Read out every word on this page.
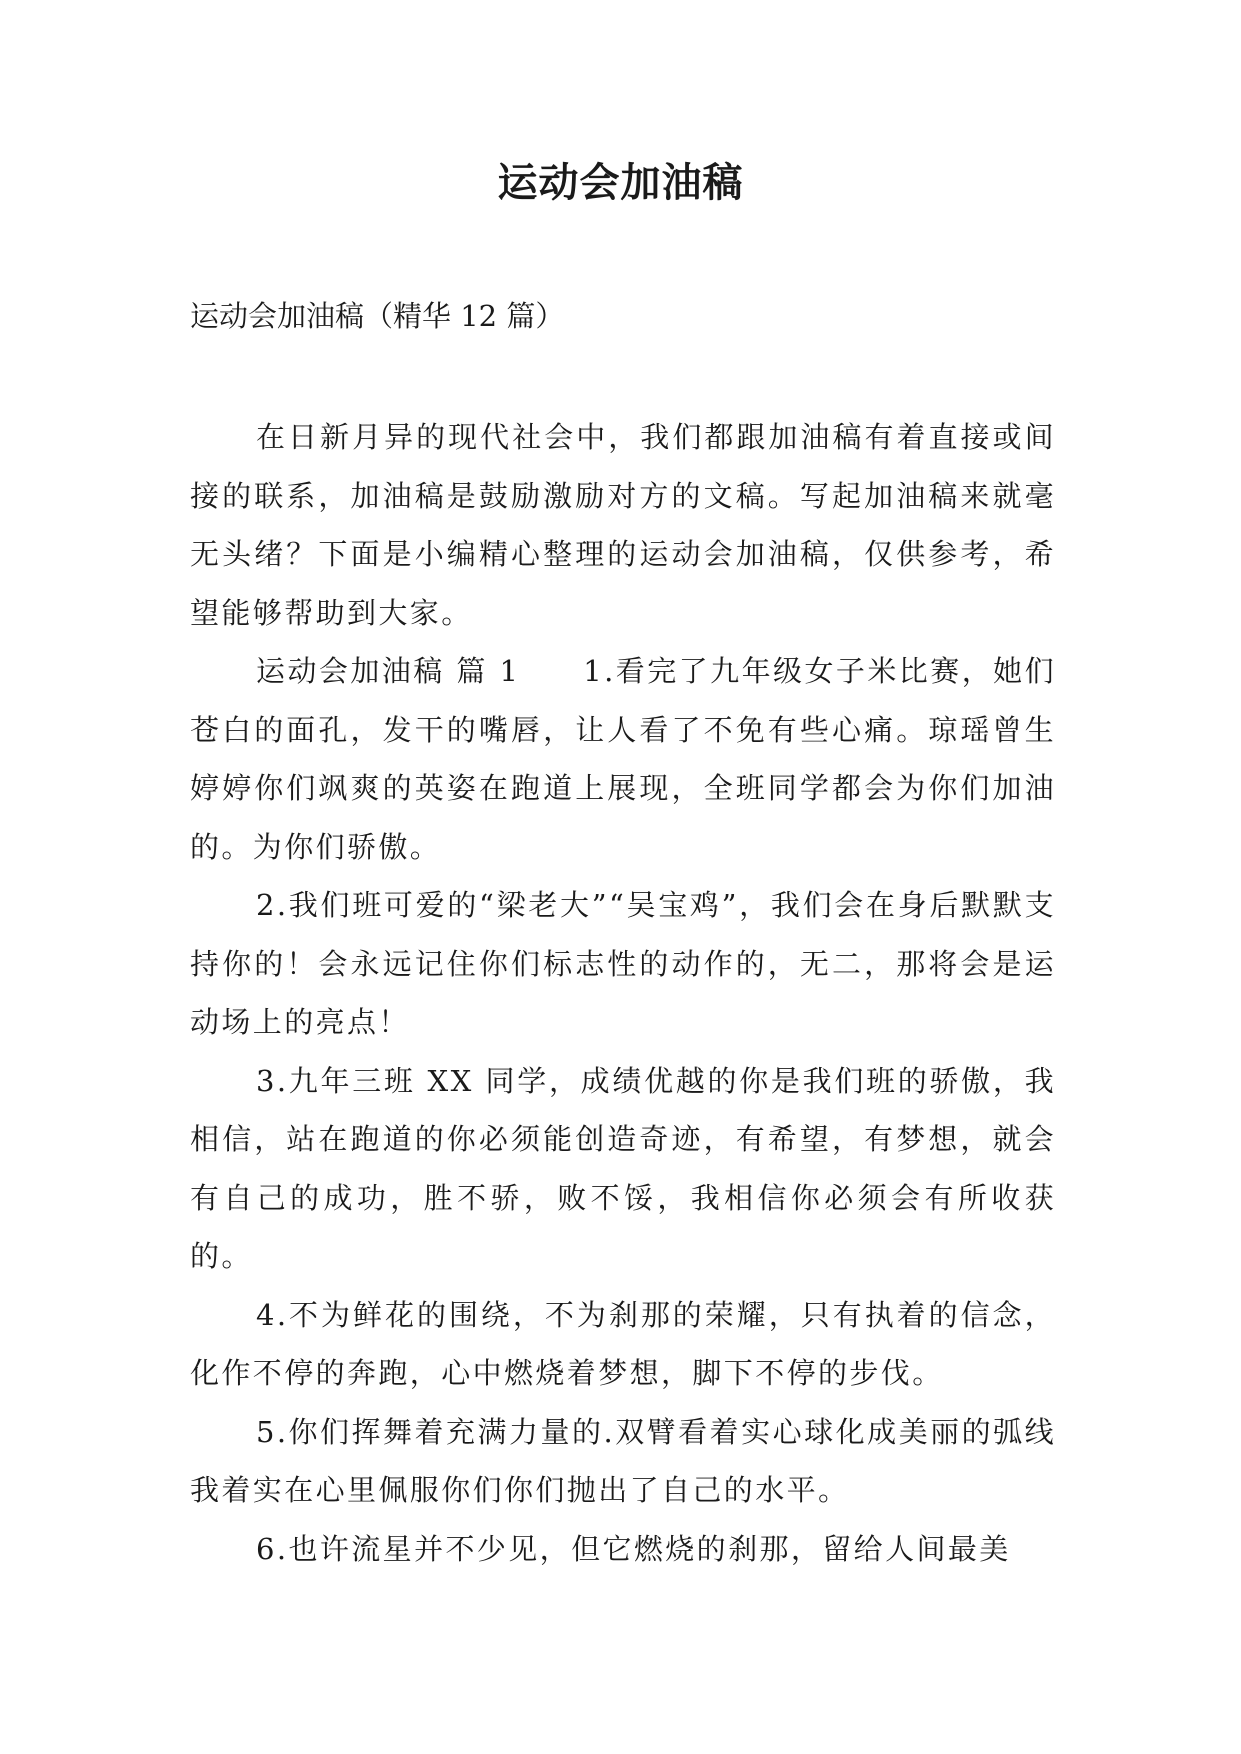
运动会加油稿

运动会加油稿（精华 12 篇）

在日新月异的现代社会中，我们都跟加油稿有着直接或间接的联系，加油稿是鼓励激励对方的文稿。写起加油稿来就毫无头绪？下面是小编精心整理的运动会加油稿，仅供参考，希望能够帮助到大家。

运动会加油稿 篇 1　　1.看完了九年级女子米比赛，她们苍白的面孔，发干的嘴唇，让人看了不免有些心痛。琼瑶曾生婷婷你们飒爽的英姿在跑道上展现，全班同学都会为你们加油的。为你们骄傲。

2.我们班可爱的“梁老大”“吴宝鸡”，我们会在身后默默支持你的！会永远记住你们标志性的动作的，无二，那将会是运动场上的亮点！

3.九年三班 XX 同学，成绩优越的你是我们班的骄傲，我相信，站在跑道的你必须能创造奇迹，有希望，有梦想，就会有自己的成功，胜不骄，败不馁，我相信你必须会有所收获的。

4.不为鲜花的围绕，不为刹那的荣耀，只有执着的信念，化作不停的奔跑，心中燃烧着梦想，脚下不停的步伐。

5.你们挥舞着充满力量的.双臂看着实心球化成美丽的弧线我着实在心里佩服你们你们抛出了自己的水平。

6.也许流星并不少见，但它燃烧的刹那，留给人间最美
